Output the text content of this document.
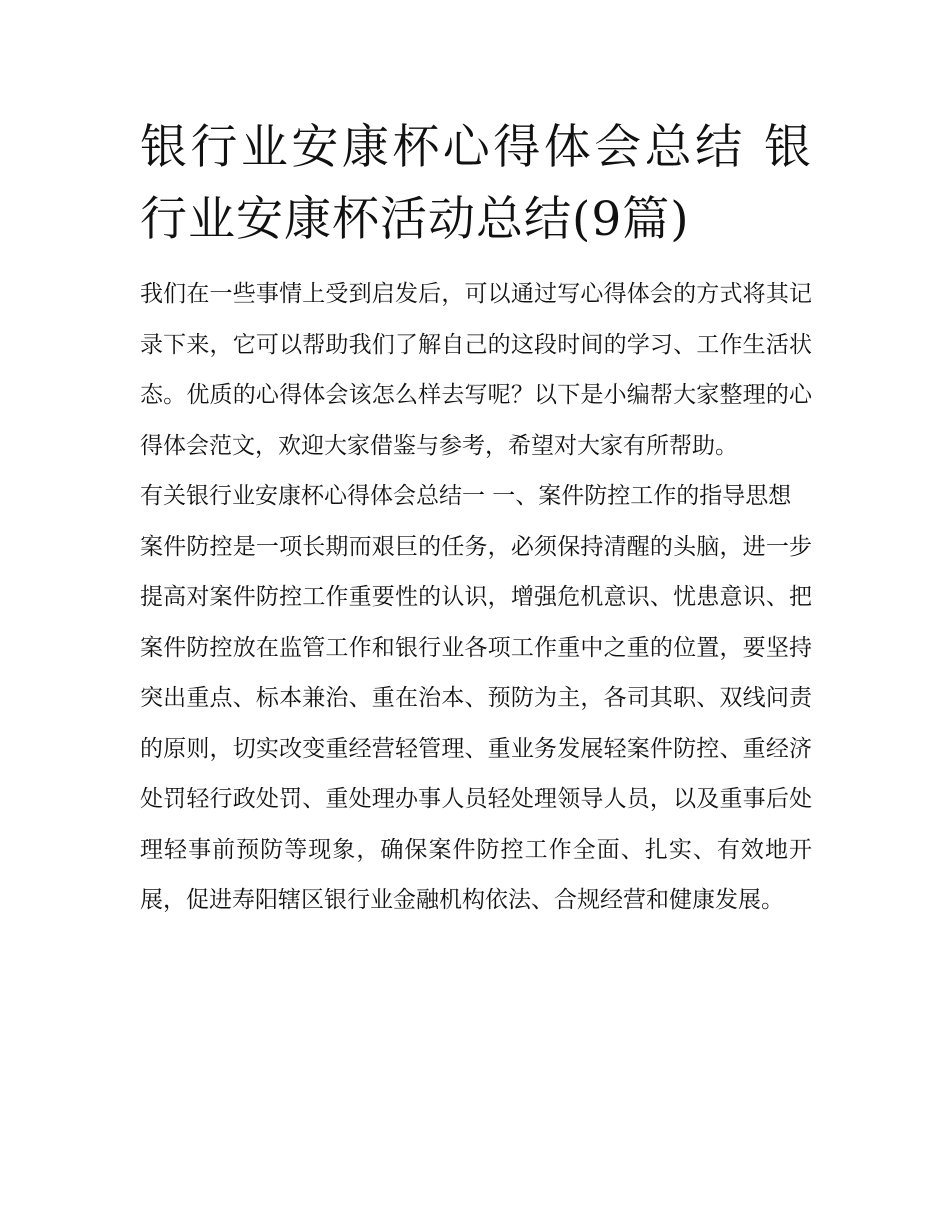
银行业安康杯心得体会总结 银行业安康杯活动总结(9篇)

我们在一些事情上受到启发后，可以通过写心得体会的方式将其记录下来，它可以帮助我们了解自己的这段时间的学习、工作生活状态。优质的心得体会该怎么样去写呢？以下是小编帮大家整理的心得体会范文，欢迎大家借鉴与参考，希望对大家有所帮助。

有关银行业安康杯心得体会总结一 一、案件防控工作的指导思想

案件防控是一项长期而艰巨的任务，必须保持清醒的头脑，进一步提高对案件防控工作重要性的认识，增强危机意识、忧患意识、把案件防控放在监管工作和银行业各项工作重中之重的位置，要坚持突出重点、标本兼治、重在治本、预防为主，各司其职、双线问责的原则，切实改变重经营轻管理、重业务发展轻案件防控、重经济处罚轻行政处罚、重处理办事人员轻处理领导人员，以及重事后处理轻事前预防等现象，确保案件防控工作全面、扎实、有效地开展，促进寿阳辖区银行业金融机构依法、合规经营和健康发展。
